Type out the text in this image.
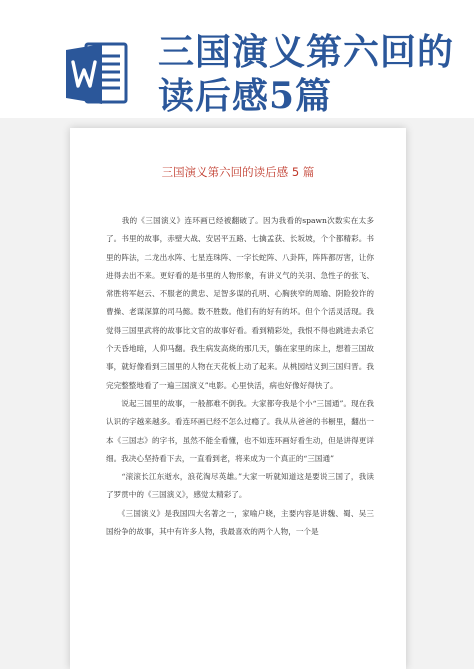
三国演义第六回的
读后感5篇
三国演义第六回的读后感 5 篇

　　我的《三国演义》连环画已经被翻破了。因为我看的spawn次数实在太多了。书里的故事，赤壁大战、安居平五路、七擒孟获、长坂坡，个个都精彩。书里的阵法，二龙出水阵、七星连珠阵、一字长蛇阵、八卦阵，阵阵都厉害，让你进得去出不来。更好看的是书里的人物形象，有讲义气的关羽、急性子的张飞、常胜将军赵云、不服老的黄忠、足智多谋的孔明、心胸狭窄的周瑜、阴险狡诈的曹操、老谋深算的司马懿。数不胜数。他们有的好有的坏。但个个活灵活现。我觉得三国里武将的故事比文官的故事好看。看到精彩处，我恨不得也跳进去杀它个天昏地暗，人仰马翻。我生病发高烧的那几天，躺在家里的床上，想着三国故事，就好像看到三国里的人物在天花板上动了起来。从桃园结义到三国归晋。我完完整整地看了一遍三国演义”电影。心里快活，病也好像好得快了。

　　说起三国里的故事，一般都难不倒我。大家都夸我是个小“三国通”。现在我认识的字越来越多。看连环画已经不怎么过瘾了。我从从爸爸的书橱里，翻出一本《三国志》的字书，虽然不能全看懂，也不如连环画好看生动，但是讲得更详细。我决心坚持看下去，一直看到老，将来成为一个真正的“三国通”

　　“滚滚长江东逝水，浪花淘尽英雄。”大家一听就知道这是要说三国了，我读了罗贯中的《三国演义》，感觉太精彩了。

　　《三国演义》是我国四大名著之一，家喻户晓，主要内容是讲魏、蜀、吴三国纷争的故事，其中有许多人物，我最喜欢的两个人物，一个是
